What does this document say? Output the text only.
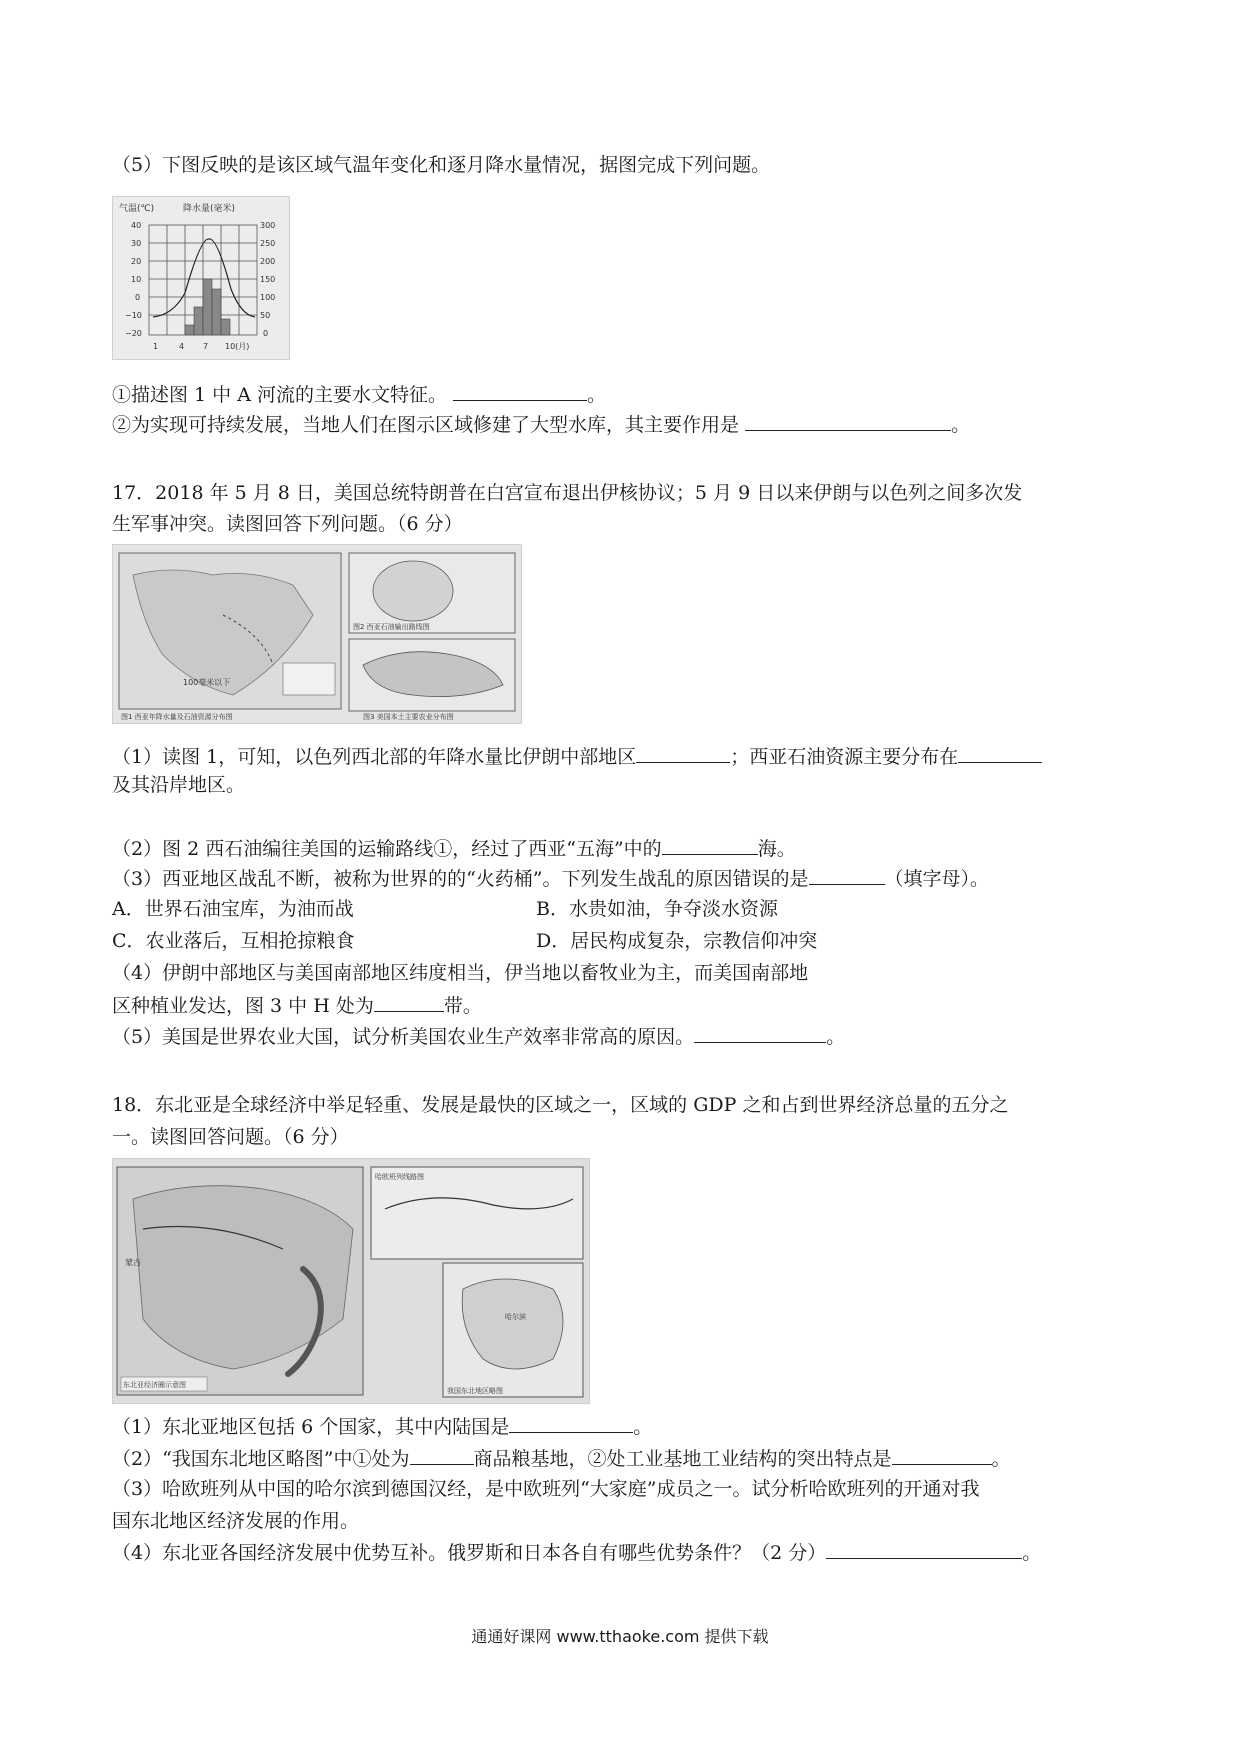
（5）下图反映的是该区域气温年变化和逐月降水量情况，据图完成下列问题。
气温(℃)	降水量(毫米)
40
30
20
10
0
−10
−20
300
250
200
150
100
50
0
1	4 7 10(月)
①描述图 1 中 A 河流的主要水文特征。	。
②为实现可持续发展，当地人们在图示区域修建了大型水库，其主要作用是	。
17．2018 年 5 月 8 日，美国总统特朗普在白宫宣布退出伊核协议；5 月 9 日以来伊朗与以色列之间多次发
生军事冲突。读图回答下列问题。（6 分）
100毫米以下
图1 西亚年降水量及石油资源分布图
图2 西亚石油输出路线图
图3 美国本土主要农业分布图
（1）读图 1，可知，以色列西北部的年降水量比伊朗中部地区	；西亚石油资源主要分布在
及其沿岸地区。
（2）图 2 西石油编往美国的运输路线①，经过了西亚“五海”中的	海。
（3）西亚地区战乱不断，被称为世界的的“火药桶”。下列发生战乱的原因错误的是	（填字母）。
A．世界石油宝库，为油而战	B．水贵如油，争夺淡水资源
C．农业落后，互相抢掠粮食	D．居民构成复杂，宗教信仰冲突
（4）伊朗中部地区与美国南部地区纬度相当，伊当地以畜牧业为主，而美国南部地
区种植业发达，图 3 中 H 处为	带。
（5）美国是世界农业大国，试分析美国农业生产效率非常高的原因。	。
18．东北亚是全球经济中举足轻重、发展是最快的区域之一，区域的 GDP 之和占到世界经济总量的五分之
一。读图回答问题。（6 分）
蒙古
东北亚经济圈示意图
哈欧班列线路图
哈尔滨
我国东北地区略图
（1）东北亚地区包括 6 个国家，其中内陆国是	。
（2）“我国东北地区略图”中①处为	商品粮基地，②处工业基地工业结构的突出特点是	。
（3）哈欧班列从中国的哈尔滨到德国汉经，是中欧班列“大家庭”成员之一。试分析哈欧班列的开通对我
国东北地区经济发展的作用。
（4）东北亚各国经济发展中优势互补。俄罗斯和日本各自有哪些优势条件？（2 分）	。
通通好课网 www.tthaoke.com 提供下载
